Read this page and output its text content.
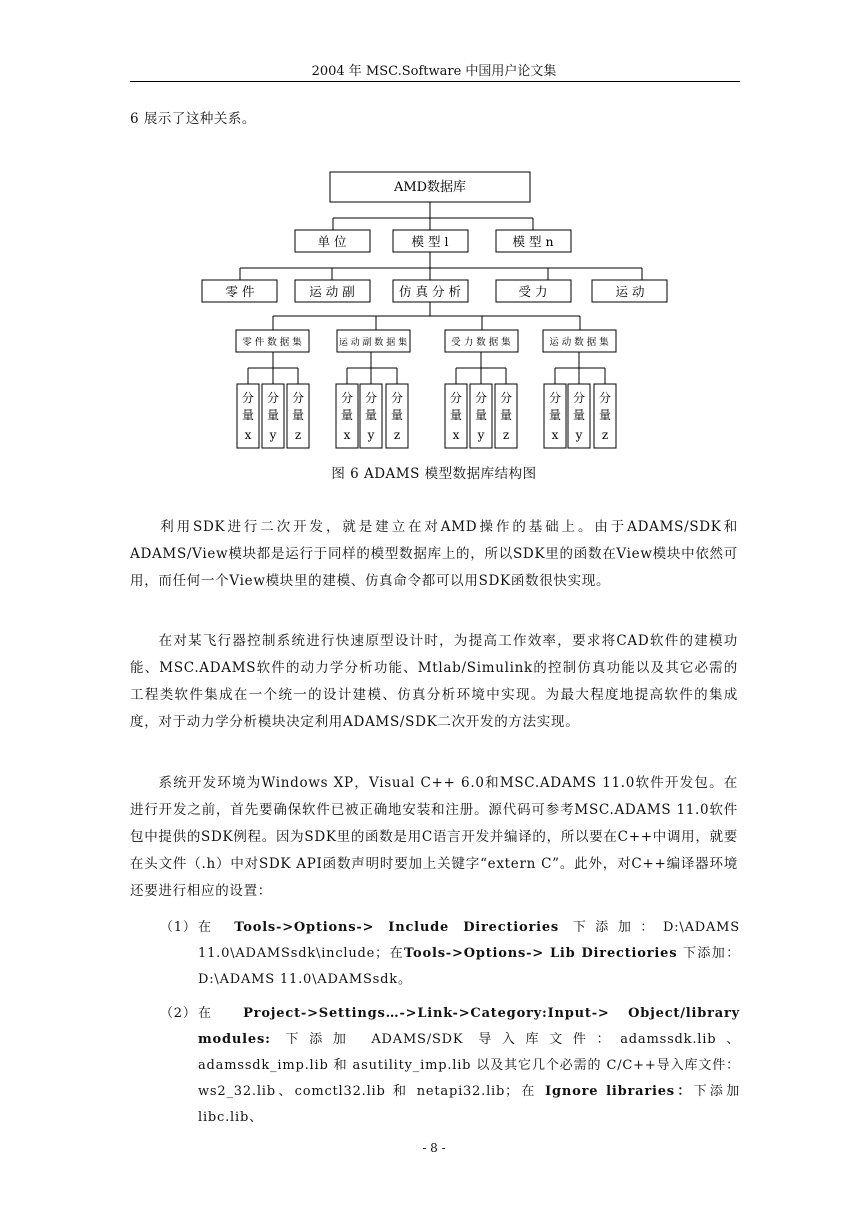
2004 年 MSC.Software 中国用户论文集
6 展示了这种关系。
AMD数据库
单 位	模 型 l	模 型 n
零 件	运 动 副	仿 真 分 析	受 力	运 动
零 件 数 据 集	运 动 副 数 据 集	受 力 数 据 集	运 动 数 据 集
分
量
x
分
量
y
分
量
z
分
量
x
分
量
y
分
量
z
分
量
x
分
量
y
分
量
z
分
量
x
分
量
y
分
量
z
图 6 ADAMS 模型数据库结构图

利用SDK进行二次开发，就是建立在对AMD操作的基础上。由于ADAMS/SDK和ADAMS/View模块都是运行于同样的模型数据库上的，所以SDK里的函数在View模块中依然可用，而任何一个View模块里的建模、仿真命令都可以用SDK函数很快实现。

在对某飞行器控制系统进行快速原型设计时，为提高工作效率，要求将CAD软件的建模功能、MSC.ADAMS软件的动力学分析功能、Mtlab/Simulink的控制仿真功能以及其它必需的工程类软件集成在一个统一的设计建模、仿真分析环境中实现。为最大程度地提高软件的集成度，对于动力学分析模块决定利用ADAMS/SDK二次开发的方法实现。

系统开发环境为Windows XP，Visual C++ 6.0和MSC.ADAMS 11.0软件开发包。在进行开发之前，首先要确保软件已被正确地安装和注册。源代码可参考MSC.ADAMS 11.0软件包中提供的SDK例程。因为SDK里的函数是用C语言开发并编译的，所以要在C++中调用，就要在头文件（.h）中对SDK API函数声明时要加上关键字“extern C”。此外，对C++编译器环境还要进行相应的设置：

（1） 在 Tools->Options-> Include Directiories 下添加：D:\ADAMS 11.0\ADAMSsdk\include；在Tools->Options-> Lib Directiories 下添加：D:\ADAMS 11.0\ADAMSsdk。
（2） 在 Project->Settings…->Link->Category:Input-> Object/library modules: 下添加 ADAMS/SDK 导入库文件：adamssdk.lib、adamssdk_imp.lib 和 asutility_imp.lib 以及其它几个必需的 C/C++导入库文件：ws2_32.lib、comctl32.lib 和 netapi32.lib；在 Ignore libraries：下添加 libc.lib、
- 8 -
